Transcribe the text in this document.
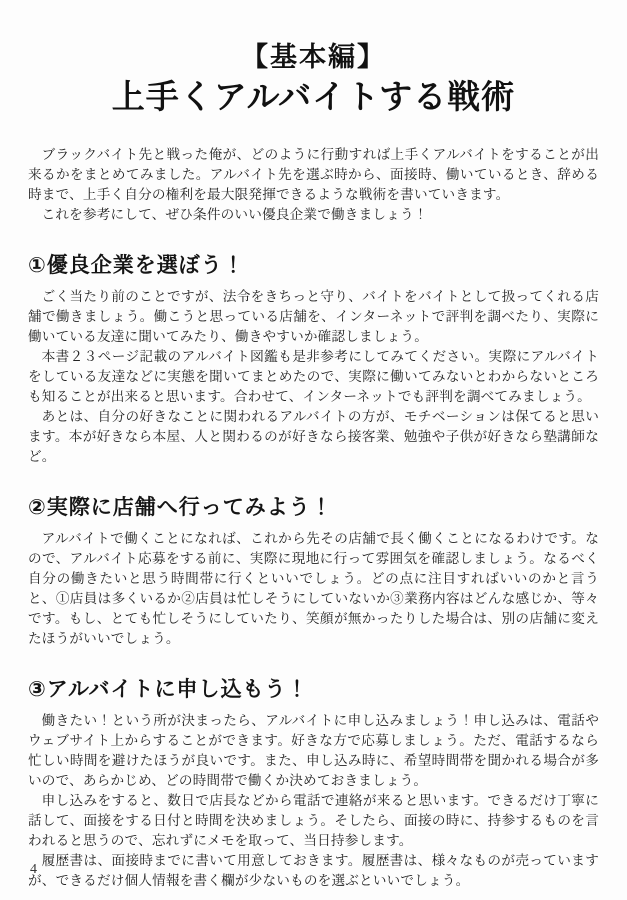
【基本編】
上手くアルバイトする戦術

ブラックバイト先と戦った俺が、どのように行動すれば上手くアルバイトをすることが出来るかをまとめてみました。アルバイト先を選ぶ時から、面接時、働いているとき、辞める時まで、上手く自分の権利を最大限発揮できるような戦術を書いていきます。

これを参考にして、ぜひ条件のいい優良企業で働きましょう！

①優良企業を選ぼう！

ごく当たり前のことですが、法令をきちっと守り、バイトをバイトとして扱ってくれる店舗で働きましょう。働こうと思っている店舗を、インターネットで評判を調べたり、実際に働いている友達に聞いてみたり、働きやすいか確認しましょう。

本書２３ページ記載のアルバイト図鑑も是非参考にしてみてください。実際にアルバイトをしている友達などに実態を聞いてまとめたので、実際に働いてみないとわからないところも知ることが出来ると思います。合わせて、インターネットでも評判を調べてみましょう。

あとは、自分の好きなことに関われるアルバイトの方が、モチベーションは保てると思います。本が好きなら本屋、人と関わるのが好きなら接客業、勉強や子供が好きなら塾講師など。

②実際に店舗へ行ってみよう！

アルバイトで働くことになれば、これから先その店舗で長く働くことになるわけです。なので、アルバイト応募をする前に、実際に現地に行って雰囲気を確認しましょう。なるべく自分の働きたいと思う時間帯に行くといいでしょう。どの点に注目すればいいのかと言うと、①店員は多くいるか②店員は忙しそうにしていないか③業務内容はどんな感じか、等々です。もし、とても忙しそうにしていたり、笑顔が無かったりした場合は、別の店舗に変えたほうがいいでしょう。

③アルバイトに申し込もう！

働きたい！という所が決まったら、アルバイトに申し込みましょう！申し込みは、電話やウェブサイト上からすることができます。好きな方で応募しましょう。ただ、電話するなら忙しい時間を避けたほうが良いです。また、申し込み時に、希望時間帯を聞かれる場合が多いので、あらかじめ、どの時間帯で働くか決めておきましょう。

申し込みをすると、数日で店長などから電話で連絡が来ると思います。できるだけ丁寧に話して、面接をする日付と時間を決めましょう。そしたら、面接の時に、持参するものを言われると思うので、忘れずにメモを取って、当日持参します。

履歴書は、面接時までに書いて用意しておきます。履歴書は、様々なものが売っていますが、できるだけ個人情報を書く欄が少ないものを選ぶといいでしょう。

4
